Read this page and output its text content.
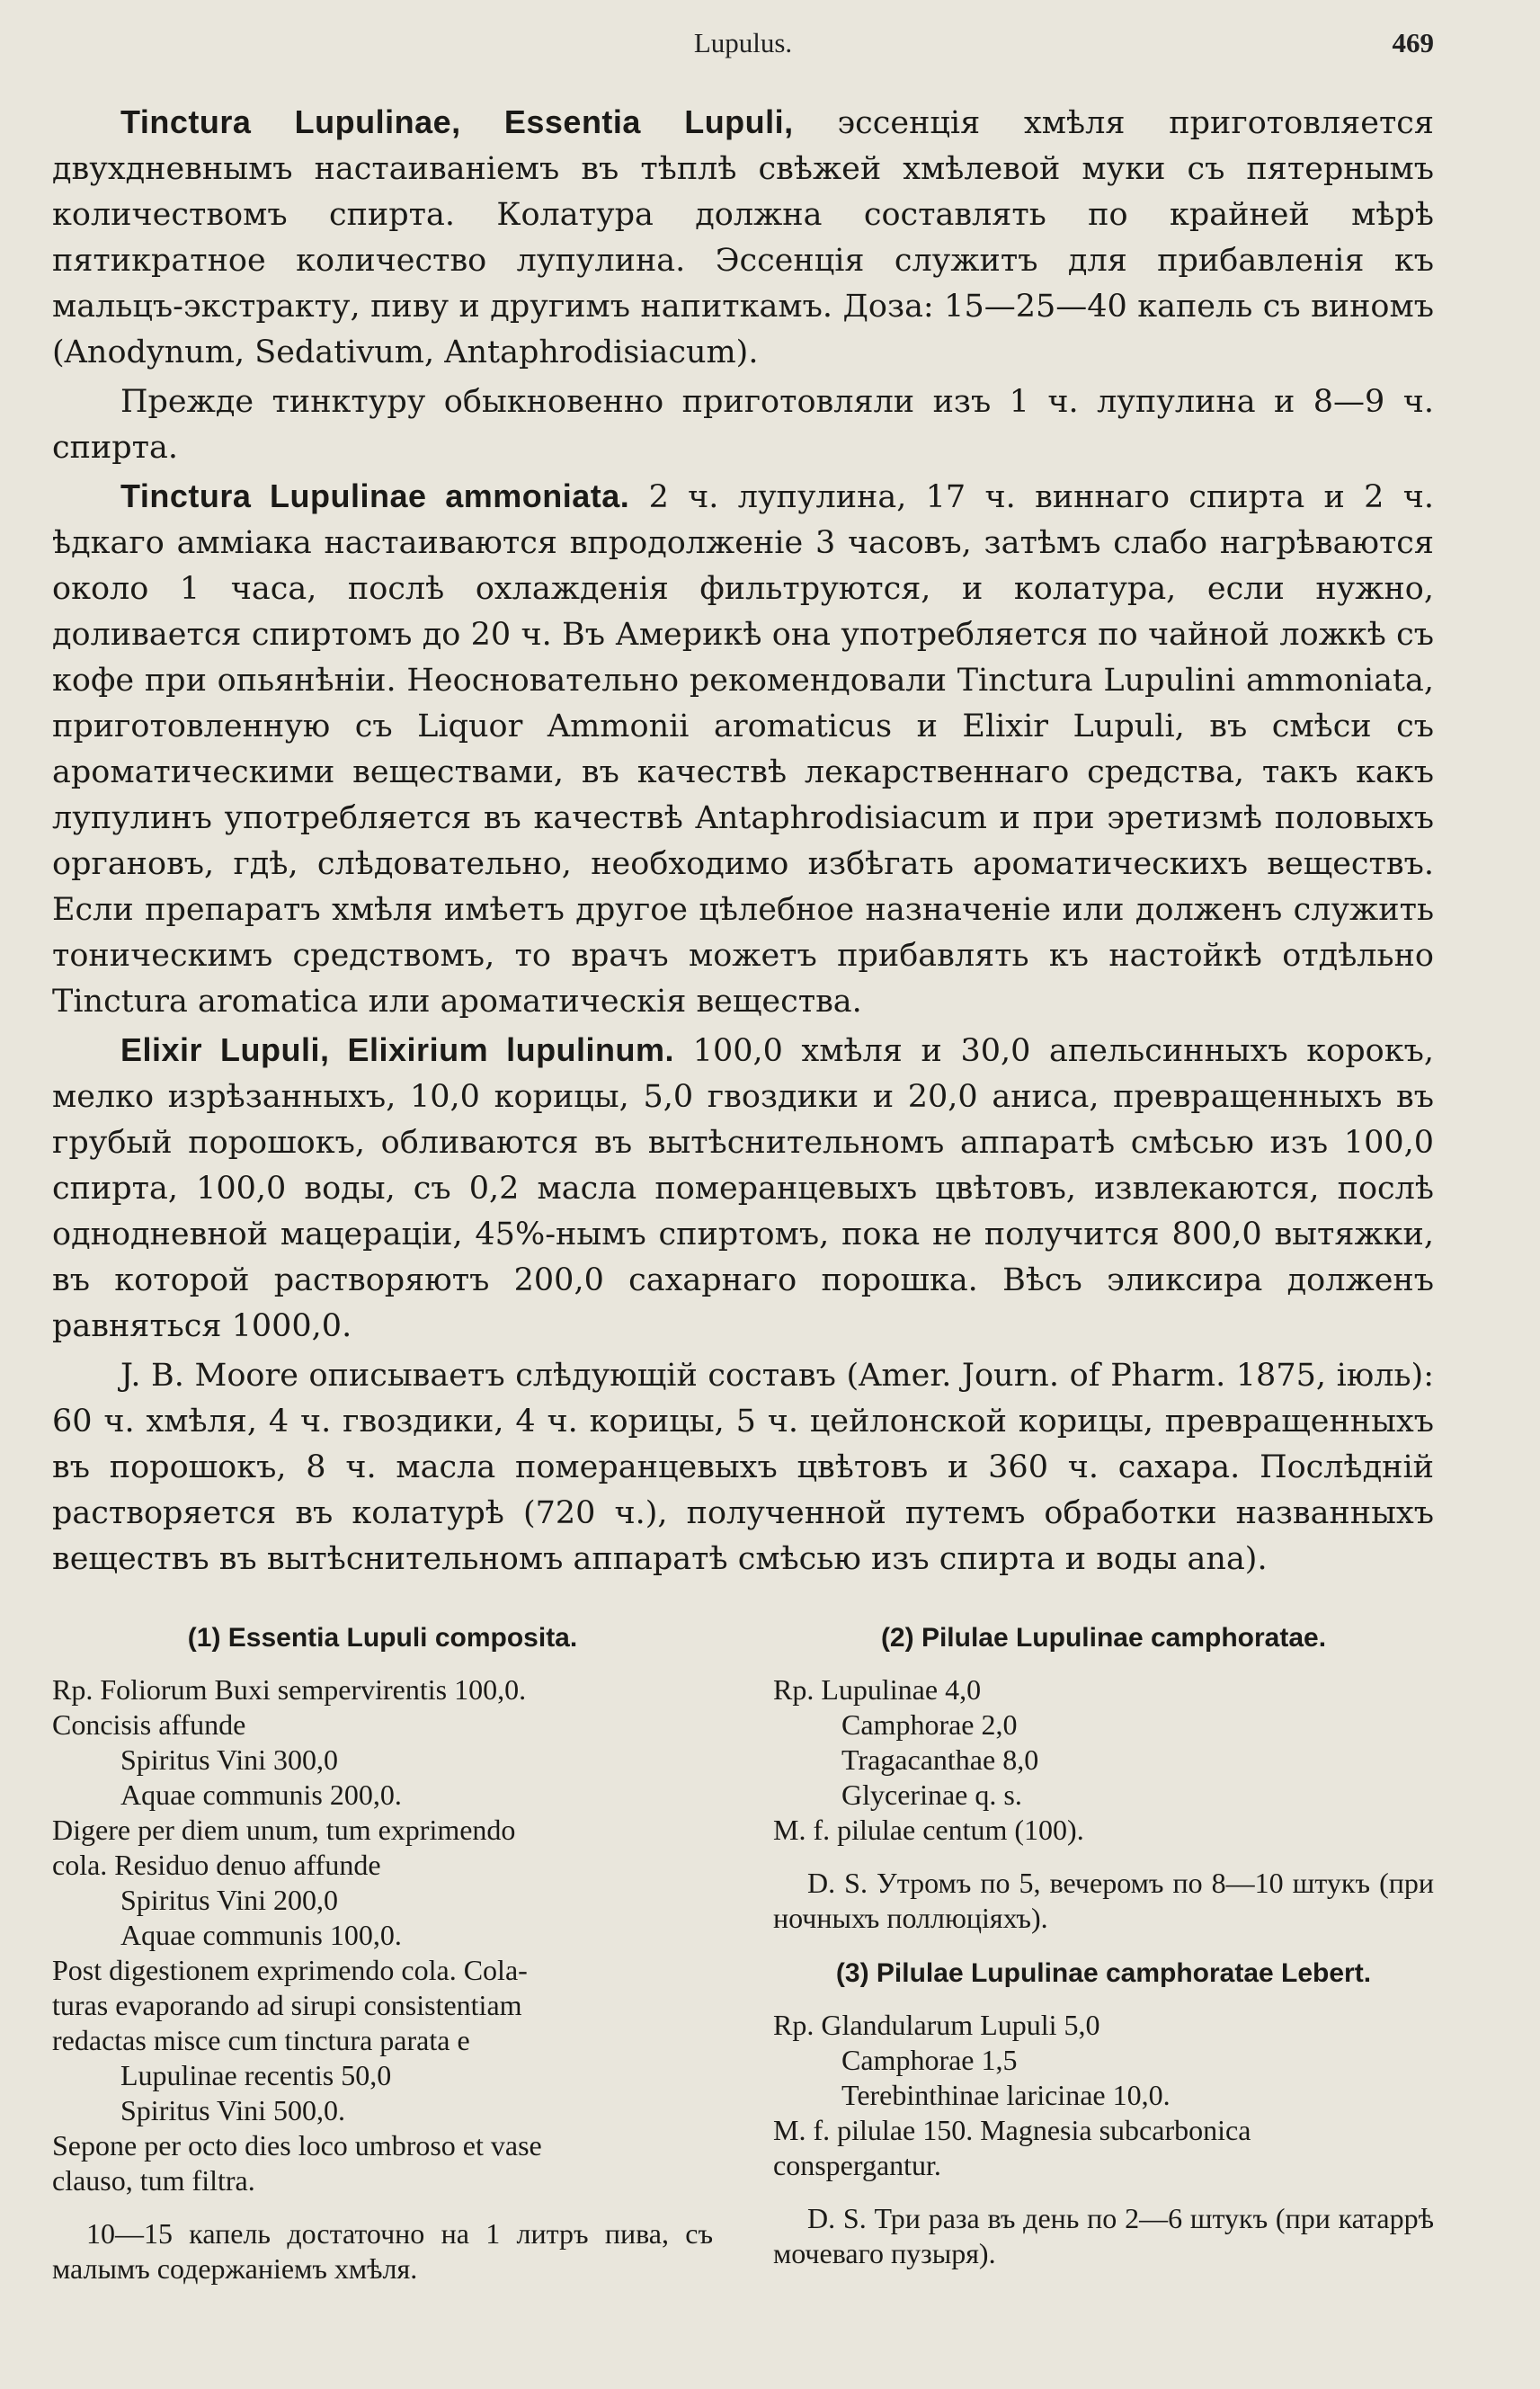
Lupulus.	469

Tinctura Lupulinae, Essentia Lupuli, эссенція хмѣля приготовляется двухдневнымъ настаиваніемъ въ тѣплѣ свѣжей хмѣлевой муки съ пятернымъ количествомъ спирта. Колатура должна составлять по крайней мѣрѣ пятикратное количество лупулина. Эссенція служитъ для прибавленія къ мальцъ-экстракту, пиву и другимъ напиткамъ. Доза: 15—25—40 капель съ виномъ (Anodynum, Sedativum, Antaphrodisiacum).

Прежде тинктуру обыкновенно приготовляли изъ 1 ч. лупулина и 8—9 ч. спирта.

Tinctura Lupulinae ammoniata. 2 ч. лупулина, 17 ч. виннаго спирта и 2 ч. ѣдкаго амміака настаиваются впродолженіе 3 часовъ, затѣмъ слабо нагрѣваются около 1 часа, послѣ охлажденія фильтруются, и колатура, если нужно, доливается спиртомъ до 20 ч. Въ Америкѣ она употребляется по чайной ложкѣ съ кофе при опьянѣніи. Неосновательно рекомендовали Tinctura Lupulini ammoniata, приготовленную съ Liquor Ammonii aromaticus и Elixir Lupuli, въ смѣси съ ароматическими веществами, въ качествѣ лекарственнаго средства, такъ какъ лупулинъ употребляется въ качествѣ Antaphrodisiacum и при эретизмѣ половыхъ органовъ, гдѣ, слѣдовательно, необходимо избѣгать ароматическихъ веществъ. Если препаратъ хмѣля имѣетъ другое цѣлебное назначеніе или долженъ служить тоническимъ средствомъ, то врачъ можетъ прибавлять къ настойкѣ отдѣльно Tinctura aromatica или ароматическія вещества.

Elixir Lupuli, Elixirium lupulinum. 100,0 хмѣля и 30,0 апельсинныхъ корокъ, мелко изрѣзанныхъ, 10,0 корицы, 5,0 гвоздики и 20,0 аниса, превращенныхъ въ грубый порошокъ, обливаются въ вытѣснительномъ аппаратѣ смѣсью изъ 100,0 спирта, 100,0 воды, съ 0,2 масла померанцевыхъ цвѣтовъ, извлекаются, послѣ однодневной мацераціи, 45%-нымъ спиртомъ, пока не получится 800,0 вытяжки, въ которой растворяютъ 200,0 сахарнаго порошка. Вѣсъ эликсира долженъ равняться 1000,0.

J. B. Moore описываетъ слѣдующій составъ (Amer. Journ. of Pharm. 1875, іюль): 60 ч. хмѣля, 4 ч. гвоздики, 4 ч. корицы, 5 ч. цейлонской корицы, превращенныхъ въ порошокъ, 8 ч. масла померанцевыхъ цвѣтовъ и 360 ч. сахара. Послѣдній растворяется въ колатурѣ (720 ч.), полученной путемъ обработки названныхъ веществъ въ вытѣснительномъ аппаратѣ смѣсью изъ спирта и воды ana).

(1) Essentia Lupuli composita.
Rp. Foliorum Buxi sempervirentis 100,0.
Concisis affunde
Spiritus Vini 300,0
Aquae communis 200,0.
Digere per diem unum, tum exprimendo
cola. Residuo denuo affunde
Spiritus Vini 200,0
Aquae communis 100,0.
Post digestionem exprimendo cola. Cola-
turas evaporando ad sirupi consistentiam
redactas misce cum tinctura parata e
Lupulinae recentis 50,0
Spiritus Vini 500,0.
Sepone per octo dies loco umbroso et vase
clauso, tum filtra.
10—15 капель достаточно на 1 литръ пива, съ малымъ содержаніемъ хмѣля.
(2) Pilulae Lupulinae camphoratae.
Rp. Lupulinae 4,0
Camphorae 2,0
Tragacanthae 8,0
Glycerinae q. s.
M. f. pilulae centum (100).
D. S. Утромъ по 5, вечеромъ по 8—10 штукъ (при ночныхъ поллюціяхъ).
(3) Pilulae Lupulinae camphoratae Lebert.
Rp. Glandularum Lupuli 5,0
Camphorae 1,5
Terebinthinae laricinae 10,0.
M. f. pilulae 150. Magnesia subcarbonica
conspergantur.
D. S. Три раза въ день по 2—6 штукъ (при катаррѣ мочеваго пузыря).
